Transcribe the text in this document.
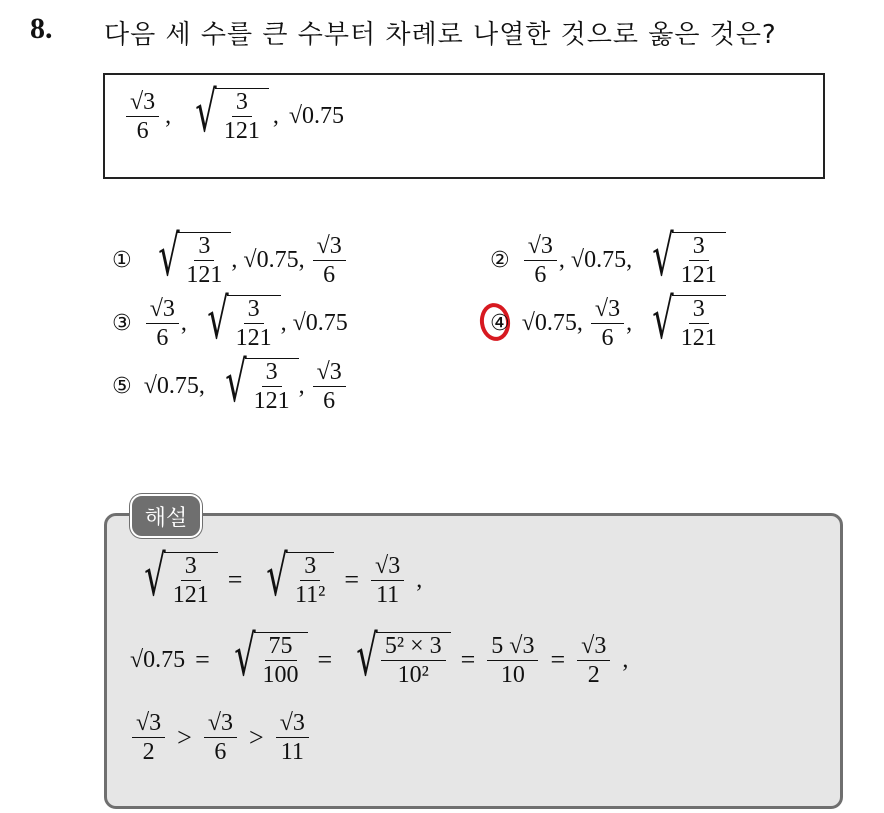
8. 다음 세 수를 큰 수부터 차례로 나열한 것으로 옳은 것은?
$\frac{√3}{6}$ , √ $\frac{3}{121}$ , √0.75
① √ $\frac{3}{121}$ , √0.75 , $\frac{√3}{6}$	② $\frac{√3}{6}$ , √0.75 , √ $\frac{3}{121}$
③ $\frac{√3}{6}$ , √ $\frac{3}{121}$ , √0.75	④ √0.75 , $\frac{√3}{6}$ , √ $\frac{3}{121}$
⑤ √0.75 , √ $\frac{3}{121}$ , $\frac{√3}{6}$
해설
√ $\frac{3}{121}$ = √ $\frac{3}{\text{11²}} = \frac{√3}{11}$ ,
√0.75 = √ $\frac{75}{100}$ = √ $\frac{\text{5² × 3}}{\text{10²}} = \frac{5 √3}{10} = \frac{√3}{2}$ ,
$\frac{√3}{2} > \frac{√3}{6} > \frac{√3}{11}$
